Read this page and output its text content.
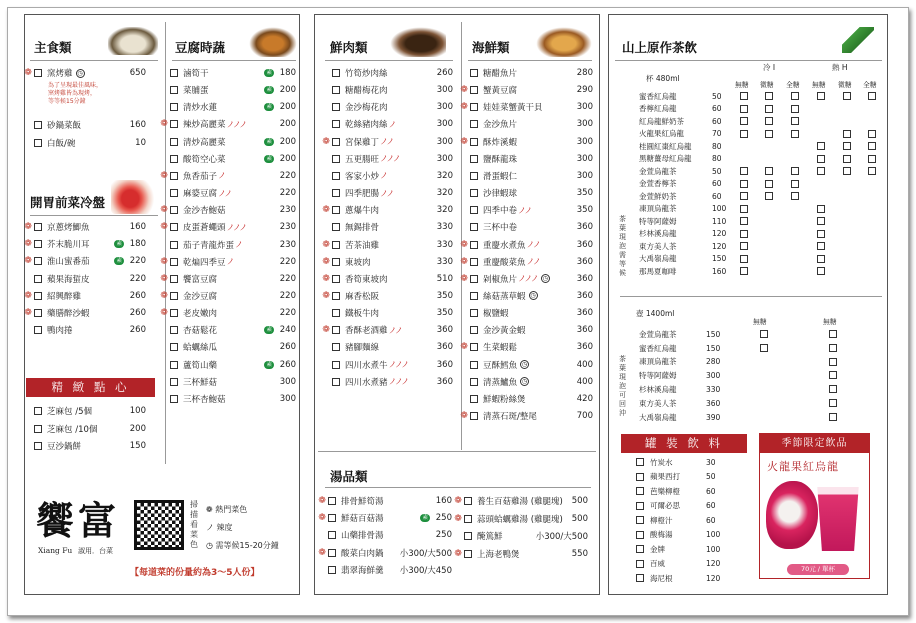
主食類
❁ 窯烤雞 ◷	650
為了呈現最佳風味，
窯烤雞皆為現烤，
等等候15分鐘
砂鍋菜飯	160
白飯/碗	10
開胃前菜冷盤
❁ 京蔥烤鯽魚	160
❁ 芥末脆川耳	素 180
❁ 淮山蜜番茄	素 220
蘋果海蜇皮	220
❁ 紹興醉雞	260
❁ 藥膳醉沙蝦	260
鴨肉捲	260
精 緻 點 心
芝麻包 /5個	100
芝麻包 /10個	200
豆沙鍋餅	150
豆腐時蔬
滷筍干	素 180
菜脯蛋	素 200
清炒水蓮	素 200
❁ 辣炒高麗菜 ノノノ	200
清炒高麗菜	素 200
酸筍空心菜	素 200
❁ 魚香茄子 ノ	220
麻婆豆腐 ノノ	220
❁ 金沙杏鮑菇	230
❁ 皮蛋蒼蠅頭 ノノノ	230
茄子青龍炸蛋 ノ	230
❁ 乾煸四季豆 ノ	220
❁ 饗富豆腐	220
❁ 金沙豆腐	220
❁ 老皮嫩肉	220
杏菇鬆花	素 240
蛤蠣絲瓜	260
蘆筍山藥	素 260
三杯鮮菇	300
三杯杏鮑菇	300
饗富
Xiang Fu 淑用．台菜
掃描看菜色
❁ 熱門菜色
ノ 辣度
◷ 需等候15-20分鐘
【每道菜的份量約為3～5人份】
鮮肉類
竹筍炒肉絲	260
糖醋梅花肉	300
金沙梅花肉	300
乾絲豬肉絲 ノ	300
❁ 宮保雞丁 ノノ	300
五更腸旺 ノノノ	300
客家小炒 ノ	320
四季肥腸 ノノ	320
❁ 蔥爆牛肉	320
無錫排骨	330
❁ 苦茶油雞	330
❁ 東坡肉	330
❁ 香筍東坡肉	510
❁ 麻香松阪	350
鐵板牛肉	350
❁ 香酥老酒雞 ノノ	360
豬腳麵線	360
四川水煮牛 ノノノ	360
四川水煮豬 ノノノ	360
海鮮類
糖醋魚片	280
❁ 蟹黃豆腐	290
❁ 娃娃菜蟹黃干貝	300
金沙魚片	300
❁ 酥炸溪蝦	300
鹽酥龍珠	300
滑蛋蝦仁	300
沙律蝦球	350
四季中卷 ノノ	350
三杯中卷	360
❁ 重慶水煮魚 ノノ	360
❁ 重慶酸菜魚 ノノ	360
❁ 剁椒魚片 ノノノ ◷	360
絲菇蒸草蝦 ◷	360
椒鹽蝦	360
金沙黃金蝦	360
❁ 生菜蝦鬆	360
豆酥鱈魚 ◷	400
清蒸鱸魚 ◷	400
鮮蝦粉絲煲	420
❁ 清蒸石斑/整尾	700
湯品類
❁ 排骨鮮筍湯	160
❁ 鮮菇百菇湯	素 250
山藥排骨湯	250
❁ 酸菜白肉鍋 小300/大500
翡翠海鮮羹 小300/大450
❁ 養生百菇雞湯 (雞腿塊) 500
❁ 蒜頭蛤蠣雞湯 (雞腿塊) 500
醃篤鮮	小300/大500
❁ 上海老鴨煲	550
山上原作茶飲
冷 I	熱 H
杯 480ml
無糖 微糖 全糖 無糖 微糖 全糖
蜜香紅烏龍	50
香檸紅烏龍	60
紅烏龍鮮奶茶	60
火龍果紅烏龍	70
桂圓紅棗紅烏龍	80
黑糖薑母紅烏龍	80
金萱烏龍茶	50
金萱香檸茶	60
金萱鮮奶茶	60
凍頂烏龍茶	100
特等阿薩姆	110
杉林溪烏龍	120
東方美人茶	120
大禹嶺烏龍	150
那馬夏咖啡	160
茶葉現泡 需等候
壺 1400ml
無糖	無糖
金萱烏龍茶	150
蜜香紅烏龍	150
凍頂烏龍茶	280
特等阿薩姆	300
杉林溪烏龍	330
東方美人茶	360
大禹嶺烏龍	390
茶葉現泡 可回沖
罐 裝 飲 料
竹炭水	30
蘋果西打	50
芭樂柳橙	60
可爾必思	60
柳橙汁	60
酸梅湯	100
金牌	100
百威	120
海尼根	120
季節限定飲品
火龍果紅烏龍
70元 / 單杯
